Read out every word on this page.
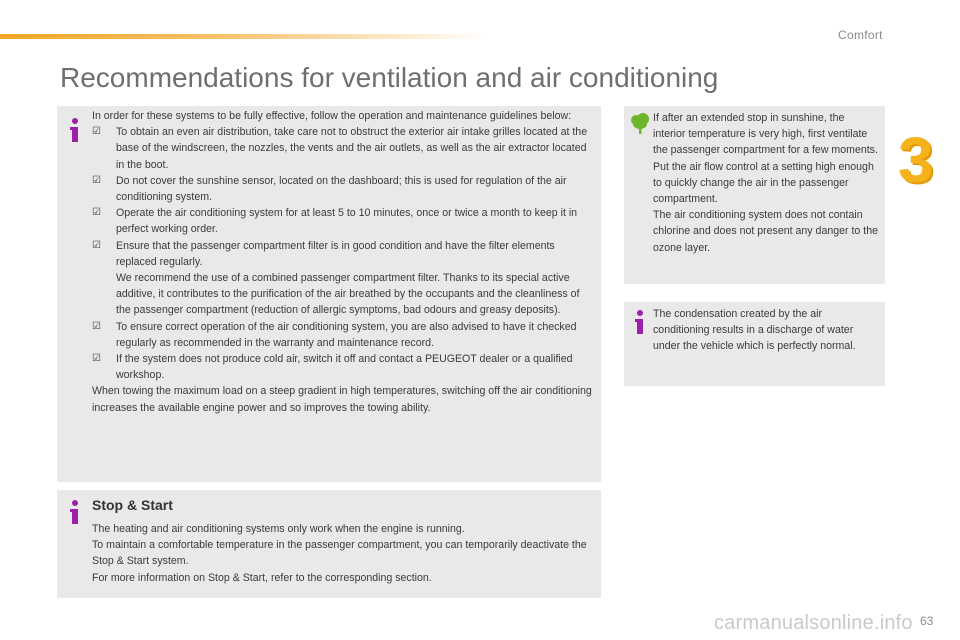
Comfort
3
Recommendations for ventilation and air conditioning

In order for these systems to be fully effective, follow the operation and maintenance guidelines below:

☑ To obtain an even air distribution, take care not to obstruct the exterior air intake grilles located at the base of the windscreen, the nozzles, the vents and the air outlets, as well as the air extractor located in the boot.

☑ Do not cover the sunshine sensor, located on the dashboard; this is used for regulation of the air conditioning system.

☑ Operate the air conditioning system for at least 5 to 10 minutes, once or twice a month to keep it in perfect working order.

☑ Ensure that the passenger compartment filter is in good condition and have the filter elements replaced regularly.

We recommend the use of a combined passenger compartment filter. Thanks to its special active additive, it contributes to the purification of the air breathed by the occupants and the cleanliness of the passenger compartment (reduction of allergic symptoms, bad odours and greasy deposits).

☑ To ensure correct operation of the air conditioning system, you are also advised to have it checked regularly as recommended in the warranty and maintenance record.

☑ If the system does not produce cold air, switch it off and contact a PEUGEOT dealer or a qualified workshop.

When towing the maximum load on a steep gradient in high temperatures, switching off the air conditioning increases the available engine power and so improves the towing ability.

Stop & Start

The heating and air conditioning systems only work when the engine is running.

To maintain a comfortable temperature in the passenger compartment, you can temporarily deactivate the Stop & Start system.

For more information on Stop & Start, refer to the corresponding section.

If after an extended stop in sunshine, the interior temperature is very high, first ventilate the passenger compartment for a few moments.

Put the air flow control at a setting high enough to quickly change the air in the passenger compartment.

The air conditioning system does not contain chlorine and does not present any danger to the ozone layer.

The condensation created by the air conditioning results in a discharge of water under the vehicle which is perfectly normal.

carmanualsonline.info 63
